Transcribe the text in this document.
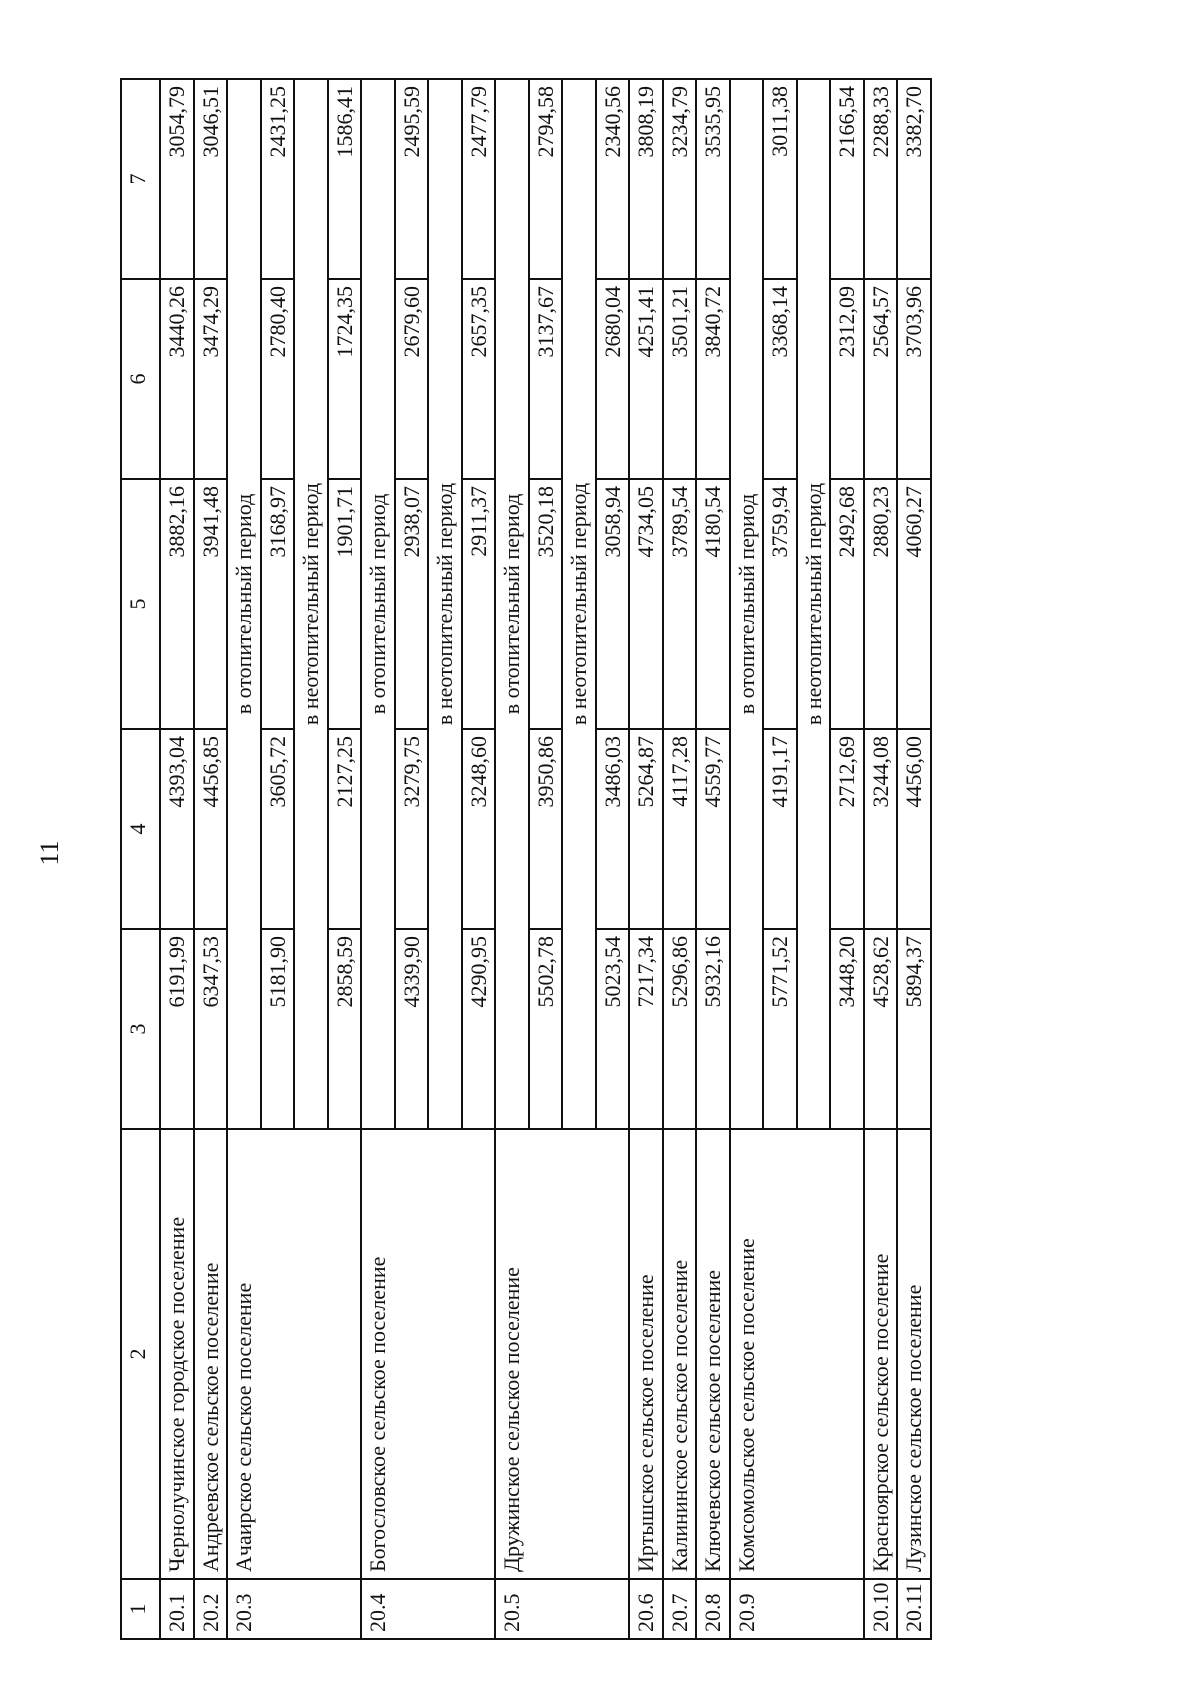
11
1	2	3	4	5	6	7
20.1	Чернолучинское городское поселение	6191,99	4393,04	3882,16	3440,26	3054,79
20.2	Андреевское сельское поселение	6347,53	4456,85	3941,48	3474,29	3046,51
20.3	Ачаирское сельское поселение	в отопительный период				
		5181,90	3605,72	3168,97	2780,40	2431,25
		в неотопительный период				
		2858,59	2127,25	1901,71	1724,35	1586,41
20.4	Богословское сельское поселение	в отопительный период				
		4339,90	3279,75	2938,07	2679,60	2495,59
		в неотопительный период				
		4290,95	3248,60	2911,37	2657,35	2477,79
20.5	Дружинское сельское поселение	в отопительный период				
		5502,78	3950,86	3520,18	3137,67	2794,58
		в неотопительный период				
		5023,54	3486,03	3058,94	2680,04	2340,56
20.6	Иртышское сельское поселение	7217,34	5264,87	4734,05	4251,41	3808,19
20.7	Калининское сельское поселение	5296,86	4117,28	3789,54	3501,21	3234,79
20.8	Ключевское сельское поселение	5932,16	4559,77	4180,54	3840,72	3535,95
20.9	Комсомольское сельское поселение	в отопительный период				
		5771,52	4191,17	3759,94	3368,14	3011,38
		в неотопительный период				
		3448,20	2712,69	2492,68	2312,09	2166,54
20.10	Красноярское сельское поселение	4528,62	3244,08	2880,23	2564,57	2288,33
20.11	Лузинское сельское поселение	5894,37	4456,00	4060,27	3703,96	3382,70
